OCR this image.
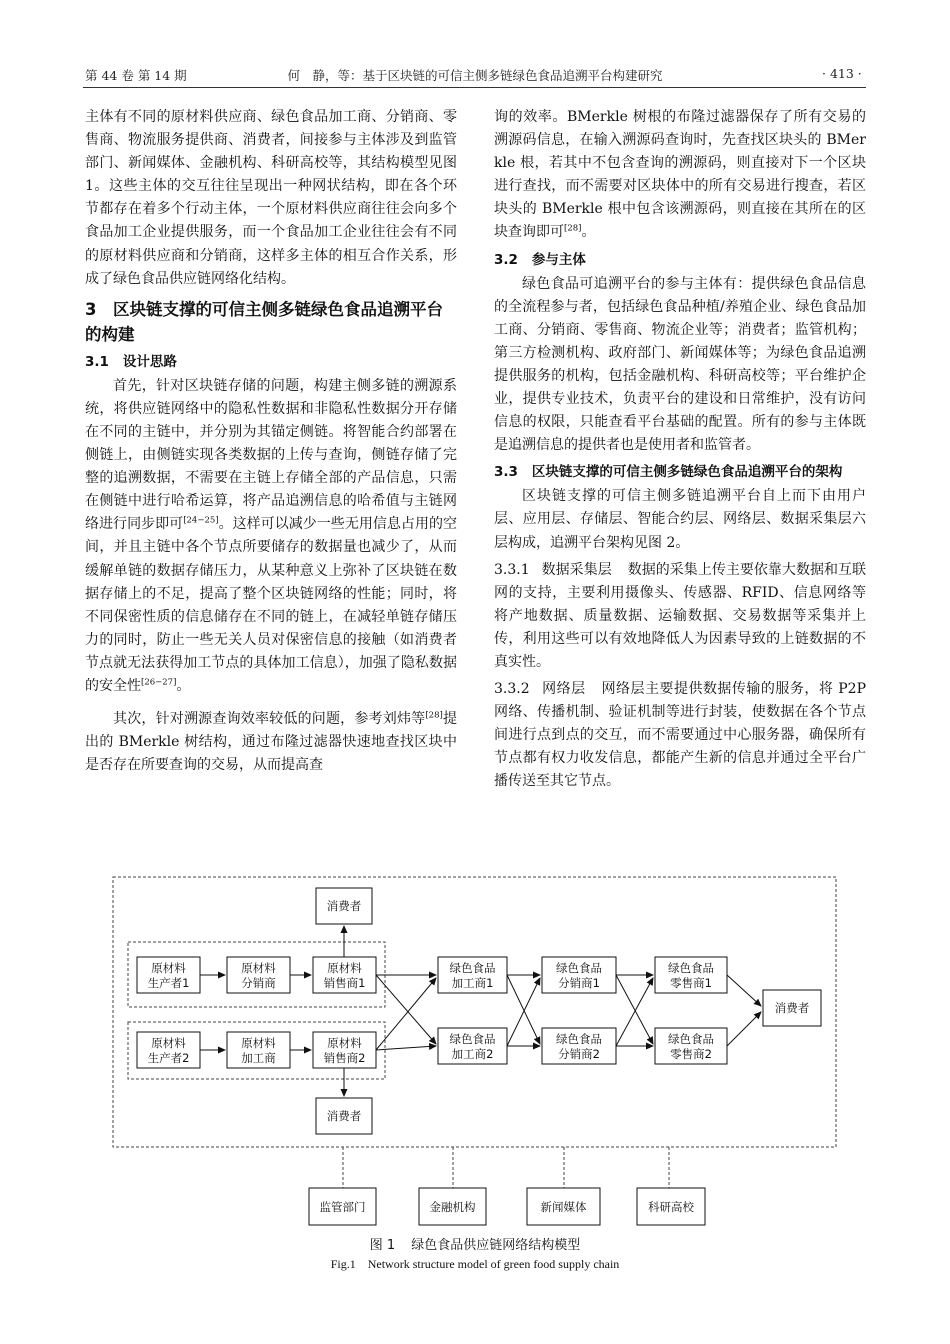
第 44 卷 第 14 期	何　静，等：基于区块链的可信主侧多链绿色食品追溯平台构建研究	· 413 ·

主体有不同的原材料供应商、绿色食品加工商、分销商、零售商、物流服务提供商、消费者，间接参与主体涉及到监管部门、新闻媒体、金融机构、科研高校等，其结构模型见图 1。这些主体的交互往往呈现出一种网状结构，即在各个环节都存在着多个行动主体，一个原材料供应商往往会向多个食品加工企业提供服务，而一个食品加工企业往往会有不同的原材料供应商和分销商，这样多主体的相互合作关系，形成了绿色食品供应链网络化结构。

3　区块链支撑的可信主侧多链绿色食品追溯平台的构建
3.1 设计思路

首先，针对区块链存储的问题，构建主侧多链的溯源系统，将供应链网络中的隐私性数据和非隐私性数据分开存储在不同的主链中，并分别为其锚定侧链。将智能合约部署在侧链上，由侧链实现各类数据的上传与查询，侧链存储了完整的追溯数据，不需要在主链上存储全部的产品信息，只需在侧链中进行哈希运算，将产品追溯信息的哈希值与主链网络进行同步即可[24−25]。这样可以减少一些无用信息占用的空间，并且主链中各个节点所要储存的数据量也减少了，从而缓解单链的数据存储压力，从某种意义上弥补了区块链在数据存储上的不足，提高了整个区块链网络的性能；同时，将不同保密性质的信息储存在不同的链上，在减轻单链存储压力的同时，防止一些无关人员对保密信息的接触（如消费者节点就无法获得加工节点的具体加工信息），加强了隐私数据的安全性[26−27]。

其次，针对溯源查询效率较低的问题，参考刘炜等[28]提出的 BMerkle 树结构，通过布隆过滤器快速地查找区块中是否存在所要查询的交易，从而提高查

询的效率。BMerkle 树根的布隆过滤器保存了所有交易的溯源码信息，在输入溯源码查询时，先查找区块头的 BMerkle 根，若其中不包含查询的溯源码，则直接对下一个区块进行查找，而不需要对区块体中的所有交易进行搜查，若区块头的 BMerkle 根中包含该溯源码，则直接在其所在的区块查询即可[28]。

3.2 参与主体

绿色食品可追溯平台的参与主体有：提供绿色食品信息的全流程参与者，包括绿色食品种植/养殖企业、绿色食品加工商、分销商、零售商、物流企业等；消费者；监管机构；第三方检测机构、政府部门、新闻媒体等；为绿色食品追溯提供服务的机构，包括金融机构、科研高校等；平台维护企业，提供专业技术，负责平台的建设和日常维护，没有访问信息的权限，只能查看平台基础的配置。所有的参与主体既是追溯信息的提供者也是使用者和监管者。

3.3 区块链支撑的可信主侧多链绿色食品追溯平台的架构

区块链支撑的可信主侧多链追溯平台自上而下由用户层、应用层、存储层、智能合约层、网络层、数据采集层六层构成，追溯平台架构见图 2。

3.3.1 数据采集层 数据的采集上传主要依靠大数据和互联网的支持，主要利用摄像头、传感器、RFID、信息网络等将产地数据、质量数据、运输数据、交易数据等采集并上传，利用这些可以有效地降低人为因素导致的上链数据的不真实性。

3.3.2 网络层 网络层主要提供数据传输的服务，将 P2P 网络、传播机制、验证机制等进行封装，使数据在各个节点间进行点到点的交互，而不需要通过中心服务器，确保所有节点都有权力收发信息，都能产生新的信息并通过全平台广播传送至其它节点。

消费者
原材料
生产者1
原材料
分销商
原材料
销售商1
原材料
生产者2
原材料
加工商
原材料
销售商2
消费者
绿色食品
加工商1
绿色食品
加工商2
绿色食品
分销商1
绿色食品
分销商2
绿色食品
零售商1
绿色食品
零售商2
消费者
监管部门	金融机构	新闻媒体	科研高校
图 1 绿色食品供应链网络结构模型
Fig.1 Network structure model of green food supply chain
